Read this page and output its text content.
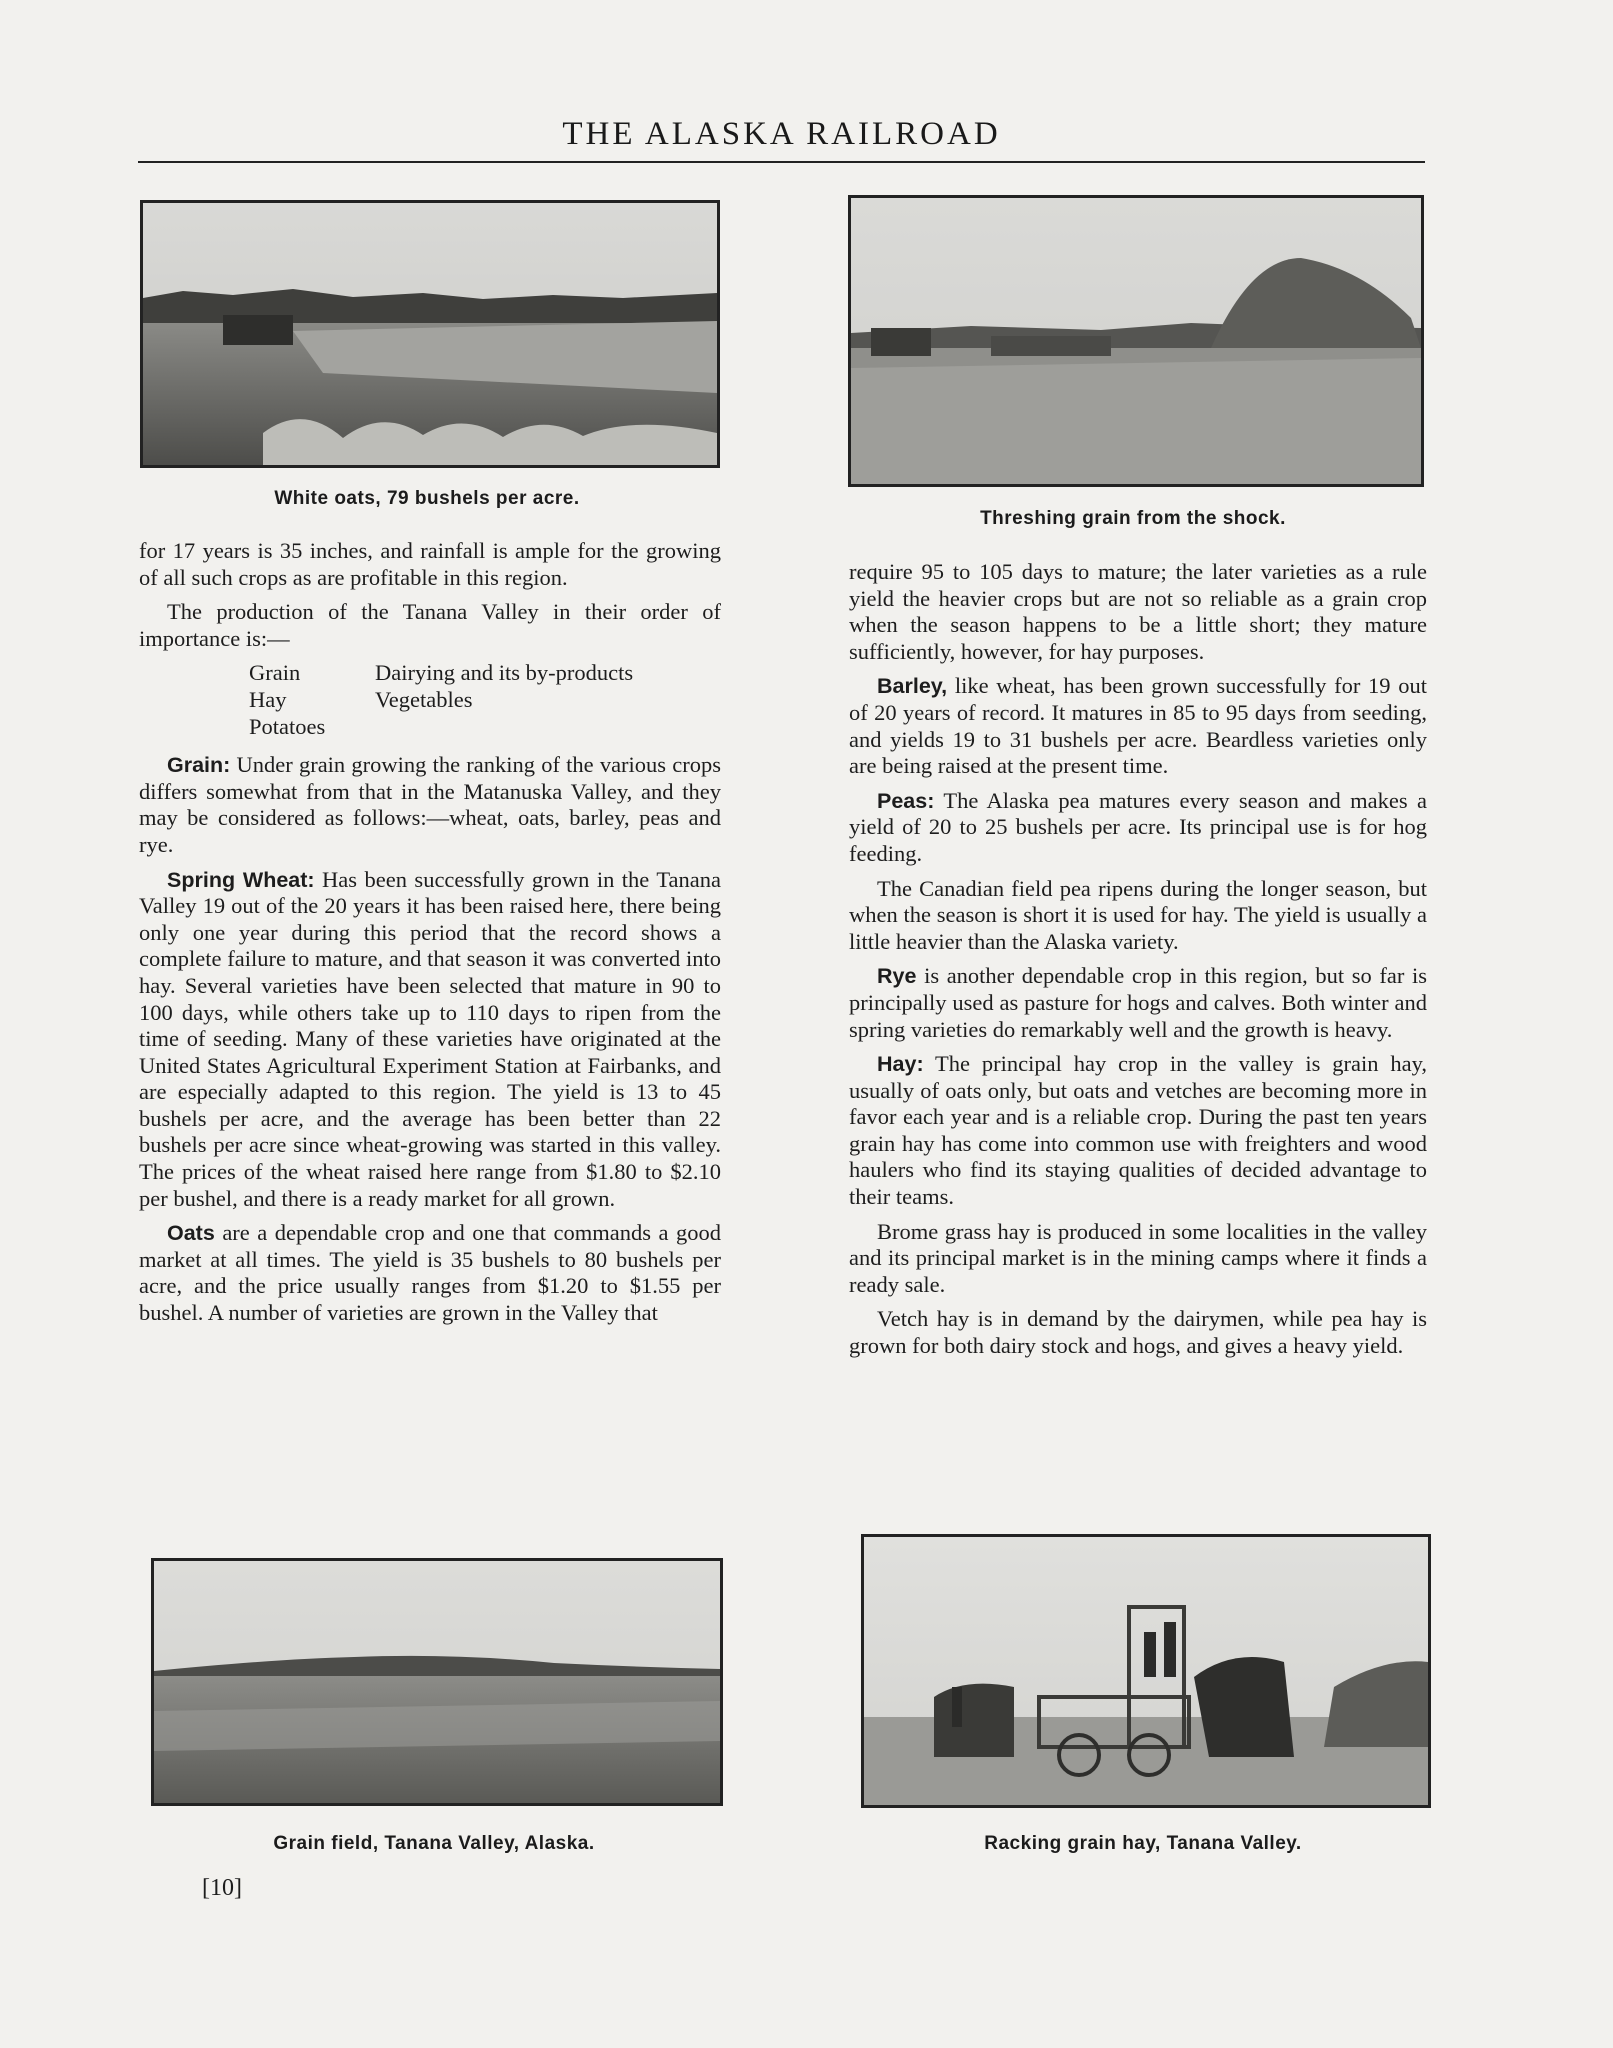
THE ALASKA RAILROAD
White oats, 79 bushels per acre.
Threshing grain from the shock.

for 17 years is 35 inches, and rainfall is ample for the growing of all such crops as are profitable in this region.

The production of the Tanana Valley in their order of importance is:—

Grain	Dairying and its by-products
Hay	Vegetables
Potatoes

Grain: Under grain growing the ranking of the various crops differs somewhat from that in the Matanuska Valley, and they may be considered as follows:—wheat, oats, barley, peas and rye.

Spring Wheat: Has been successfully grown in the Tanana Valley 19 out of the 20 years it has been raised here, there being only one year during this period that the record shows a complete failure to mature, and that season it was converted into hay. Several varieties have been selected that mature in 90 to 100 days, while others take up to 110 days to ripen from the time of seeding. Many of these varieties have originated at the United States Agricultural Experiment Station at Fairbanks, and are especially adapted to this region. The yield is 13 to 45 bushels per acre, and the average has been better than 22 bushels per acre since wheat-growing was started in this valley. The prices of the wheat raised here range from $1.80 to $2.10 per bushel, and there is a ready market for all grown.

Oats are a dependable crop and one that commands a good market at all times. The yield is 35 bushels to 80 bushels per acre, and the price usually ranges from $1.20 to $1.55 per bushel. A number of varieties are grown in the Valley that

require 95 to 105 days to mature; the later varieties as a rule yield the heavier crops but are not so reliable as a grain crop when the season happens to be a little short; they mature sufficiently, however, for hay purposes.

Barley, like wheat, has been grown successfully for 19 out of 20 years of record. It matures in 85 to 95 days from seeding, and yields 19 to 31 bushels per acre. Beardless varieties only are being raised at the present time.

Peas: The Alaska pea matures every season and makes a yield of 20 to 25 bushels per acre. Its principal use is for hog feeding.

The Canadian field pea ripens during the longer season, but when the season is short it is used for hay. The yield is usually a little heavier than the Alaska variety.

Rye is another dependable crop in this region, but so far is principally used as pasture for hogs and calves. Both winter and spring varieties do remarkably well and the growth is heavy.

Hay: The principal hay crop in the valley is grain hay, usually of oats only, but oats and vetches are becoming more in favor each year and is a reliable crop. During the past ten years grain hay has come into common use with freighters and wood haulers who find its staying qualities of decided advantage to their teams.

Brome grass hay is produced in some localities in the valley and its principal market is in the mining camps where it finds a ready sale.

Vetch hay is in demand by the dairymen, while pea hay is grown for both dairy stock and hogs, and gives a heavy yield.

Grain field, Tanana Valley, Alaska.	Racking grain hay, Tanana Valley.
[10]
